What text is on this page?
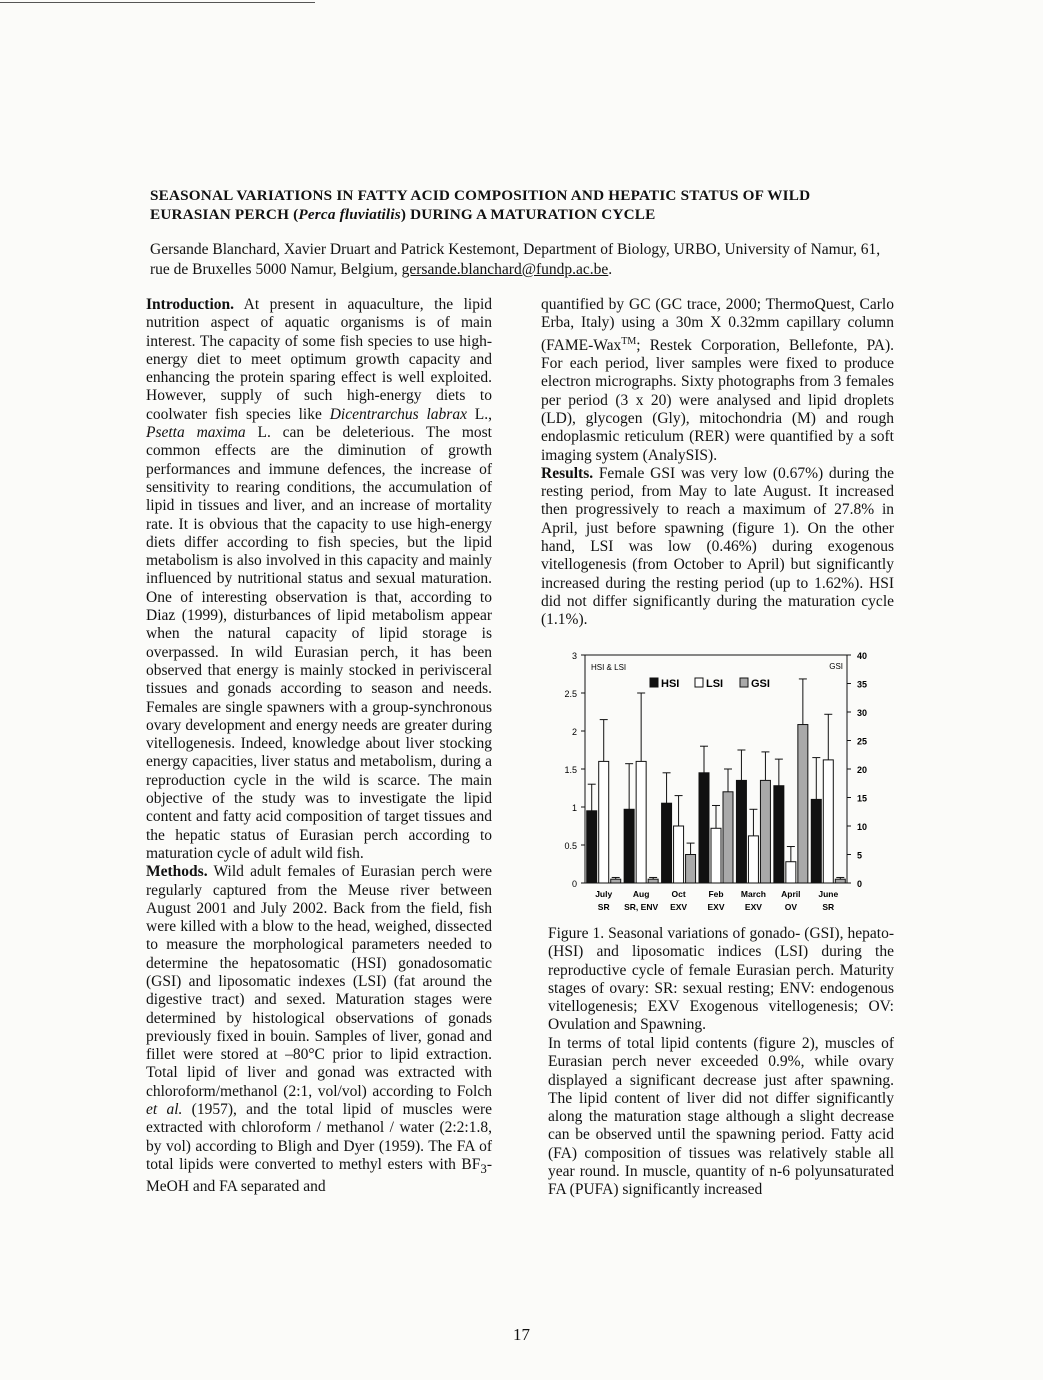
SEASONAL VARIATIONS IN FATTY ACID COMPOSITION AND HEPATIC STATUS OF WILD
EURASIAN PERCH (Perca fluviatilis) DURING A MATURATION CYCLE

Gersande Blanchard, Xavier Druart and Patrick Kestemont, Department of Biology, URBO, University of Namur, 61, rue de Bruxelles 5000 Namur, Belgium, gersande.blanchard@fundp.ac.be.

Introduction. At present in aquaculture, the lipid nutrition aspect of aquatic organisms is of main interest. The capacity of some fish species to use high-energy diet to meet optimum growth capacity and enhancing the protein sparing effect is well exploited. However, supply of such high-energy diets to coolwater fish species like Dicentrarchus labrax L., Psetta maxima L. can be deleterious. The most common effects are the diminution of growth performances and immune defences, the increase of sensitivity to rearing conditions, the accumulation of lipid in tissues and liver, and an increase of mortality rate. It is obvious that the capacity to use high-energy diets differ according to fish species, but the lipid metabolism is also involved in this capacity and mainly influenced by nutritional status and sexual maturation. One of interesting observation is that, according to Diaz (1999), disturbances of lipid metabolism appear when the natural capacity of lipid storage is overpassed. In wild Eurasian perch, it has been observed that energy is mainly stocked in perivisceral tissues and gonads according to season and needs. Females are single spawners with a group-synchronous ovary development and energy needs are greater during vitellogenesis. Indeed, knowledge about liver stocking energy capacities, liver status and metabolism, during a reproduction cycle in the wild is scarce. The main objective of the study was to investigate the lipid content and fatty acid composition of target tissues and the hepatic status of Eurasian perch according to maturation cycle of adult wild fish.

Methods. Wild adult females of Eurasian perch were regularly captured from the Meuse river between August 2001 and July 2002. Back from the field, fish were killed with a blow to the head, weighed, dissected to measure the morphological parameters needed to determine the hepatosomatic (HSI) gonadosomatic (GSI) and liposomatic indexes (LSI) (fat around the digestive tract) and sexed. Maturation stages were determined by histological observations of gonads previously fixed in bouin. Samples of liver, gonad and fillet were stored at –80°C prior to lipid extraction. Total lipid of liver and gonad was extracted with chloroform/methanol (2:1, vol/vol) according to Folch et al. (1957), and the total lipid of muscles were extracted with chloroform / methanol / water (2:2:1.8, by vol) according to Bligh and Dyer (1959). The FA of total lipids were converted to methyl esters with $BF_3$-MeOH and FA separated and

quantified by GC (GC trace, 2000; ThermoQuest, Carlo Erba, Italy) using a 30m X 0.32mm capillary column (FAME-Wax™; Restek Corporation, Bellefonte, PA). For each period, liver samples were fixed to produce electron micrographs. Sixty photographs from 3 females per period (3 x 20) were analysed and lipid droplets (LD), glycogen (Gly), mitochondria (M) and rough endoplasmic reticulum (RER) were quantified by a soft imaging system (AnalySIS).

Results. Female GSI was very low (0.67%) during the resting period, from May to late August. It increased then progressively to reach a maximum of 27.8% in April, just before spawning (figure 1). On the other hand, LSI was low (0.46%) during exogenous vitellogenesis (from October to April) but significantly increased during the resting period (up to 1.62%). HSI did not differ significantly during the maturation cycle (1.1%).

0
0.5
1
1.5
2
2.5
3
0
5
10
15
20
25
30
35
40
HSI & LSI	GSI
HSI LSI	GSI
July
SR
Aug
SR, ENV
Oct
EXV
Feb
EXV
March
EXV
April
OV
June
SR

Figure 1. Seasonal variations of gonado- (GSI), hepato- (HSI) and liposomatic indices (LSI) during the reproductive cycle of female Eurasian perch. Maturity stages of ovary: SR: sexual resting; ENV: endogenous vitellogenesis; EXV Exogenous vitellogenesis; OV: Ovulation and Spawning.

In terms of total lipid contents (figure 2), muscles of Eurasian perch never exceeded 0.9%, while ovary displayed a significant decrease just after spawning. The lipid content of liver did not differ significantly along the maturation stage although a slight decrease can be observed until the spawning period. Fatty acid (FA) composition of tissues was relatively stable all year round. In muscle, quantity of n-6 polyunsaturated FA (PUFA) significantly increased

17
